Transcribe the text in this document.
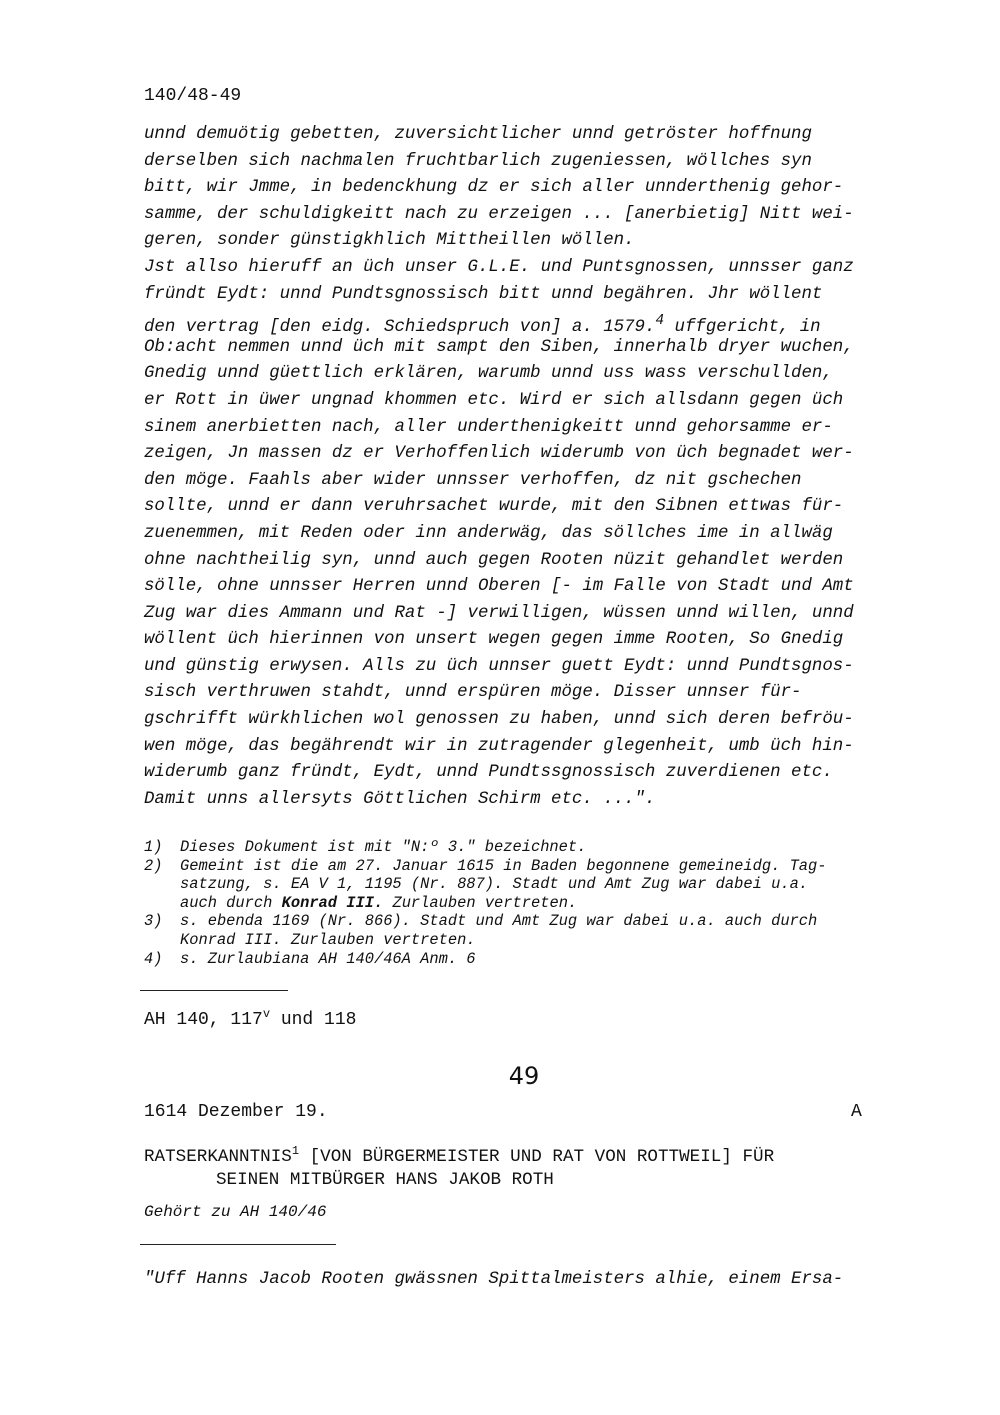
140/48-49
unnd demuötig gebetten, zuversichtlicher unnd getröster hoffnung
derselben sich nachmalen fruchtbarlich zugeniessen, wöllches syn
bitt, wir Jmme, in bedenckhung dz er sich aller unnderthenig gehor-
samme, der schuldigkeitt nach zu erzeigen ... [anerbietig] Nitt wei-
geren, sonder günstigkhlich Mittheillen wöllen.
Jst allso hieruff an üch unser G.L.E. und Puntsgnossen, unnsser ganz
fründt Eydt: unnd Pundtsgnossisch bitt unnd begähren. Jhr wöllent
den vertrag [den eidg. Schiedspruch von] a. 1579.$^4$ uffgericht, in
Ob:acht nemmen unnd üch mit sampt den Siben, innerhalb dryer wuchen,
Gnedig unnd güettlich erklären, warumb unnd uss wass verschullden,
er Rott in üwer ungnad khommen etc. Wird er sich allsdann gegen üch
sinem anerbietten nach, aller underthenigkeitt unnd gehorsamme er-
zeigen, Jn massen dz er Verhoffenlich widerumb von üch begnadet wer-
den möge. Faahls aber wider unnsser verhoffen, dz nit gschechen
sollte, unnd er dann veruhrsachet wurde, mit den Sibnen ettwas für-
zuenemmen, mit Reden oder inn anderwäg, das söllches ime in allwäg
ohne nachtheilig syn, unnd auch gegen Rooten nüzit gehandlet werden
sölle, ohne unnsser Herren unnd Oberen [- im Falle von Stadt und Amt
Zug war dies Ammann und Rat -] verwilligen, wüssen unnd willen, unnd
wöllent üch hierinnen von unsert wegen gegen imme Rooten, So Gnedig
und günstig erwysen. Alls zu üch unnser guett Eydt: unnd Pundtsgnos-
sisch verthruwen stahdt, unnd erspüren möge. Disser unnser für-
gschrifft würkhlichen wol genossen zu haben, unnd sich deren befröu-
wen möge, das begährendt wir in zutragender glegenheit, umb üch hin-
widerumb ganz fründt, Eydt, unnd Pundtssgnossisch zuverdienen etc.
Damit unns allersyts Göttlichen Schirm etc. ...".
1)	Dieses Dokument ist mit "N:º 3." bezeichnet.
2)	Gemeint ist die am 27. Januar 1615 in Baden begonnene gemeineidg. Tag-
satzung, s. EA V 1, 1195 (Nr. 887). Stadt und Amt Zug war dabei u.a.
auch durch Konrad III. Zurlauben vertreten.
3)	s. ebenda 1169 (Nr. 866). Stadt und Amt Zug war dabei u.a. auch durch
Konrad III. Zurlauben vertreten.
4)	s. Zurlaubiana AH 140/46A Anm. 6
AH 140, 117$^v$ und 118
49
1614 Dezember 19.	A
RATSERKANNTNIS$^1$ [VON BÜRGERMEISTER UND RAT VON ROTTWEIL] FÜR
SEINEN MITBÜRGER HANS JAKOB ROTH
Gehört zu AH 140/46
"Uff Hanns Jacob Rooten gwässnen Spittalmeisters alhie, einem Ersa-
